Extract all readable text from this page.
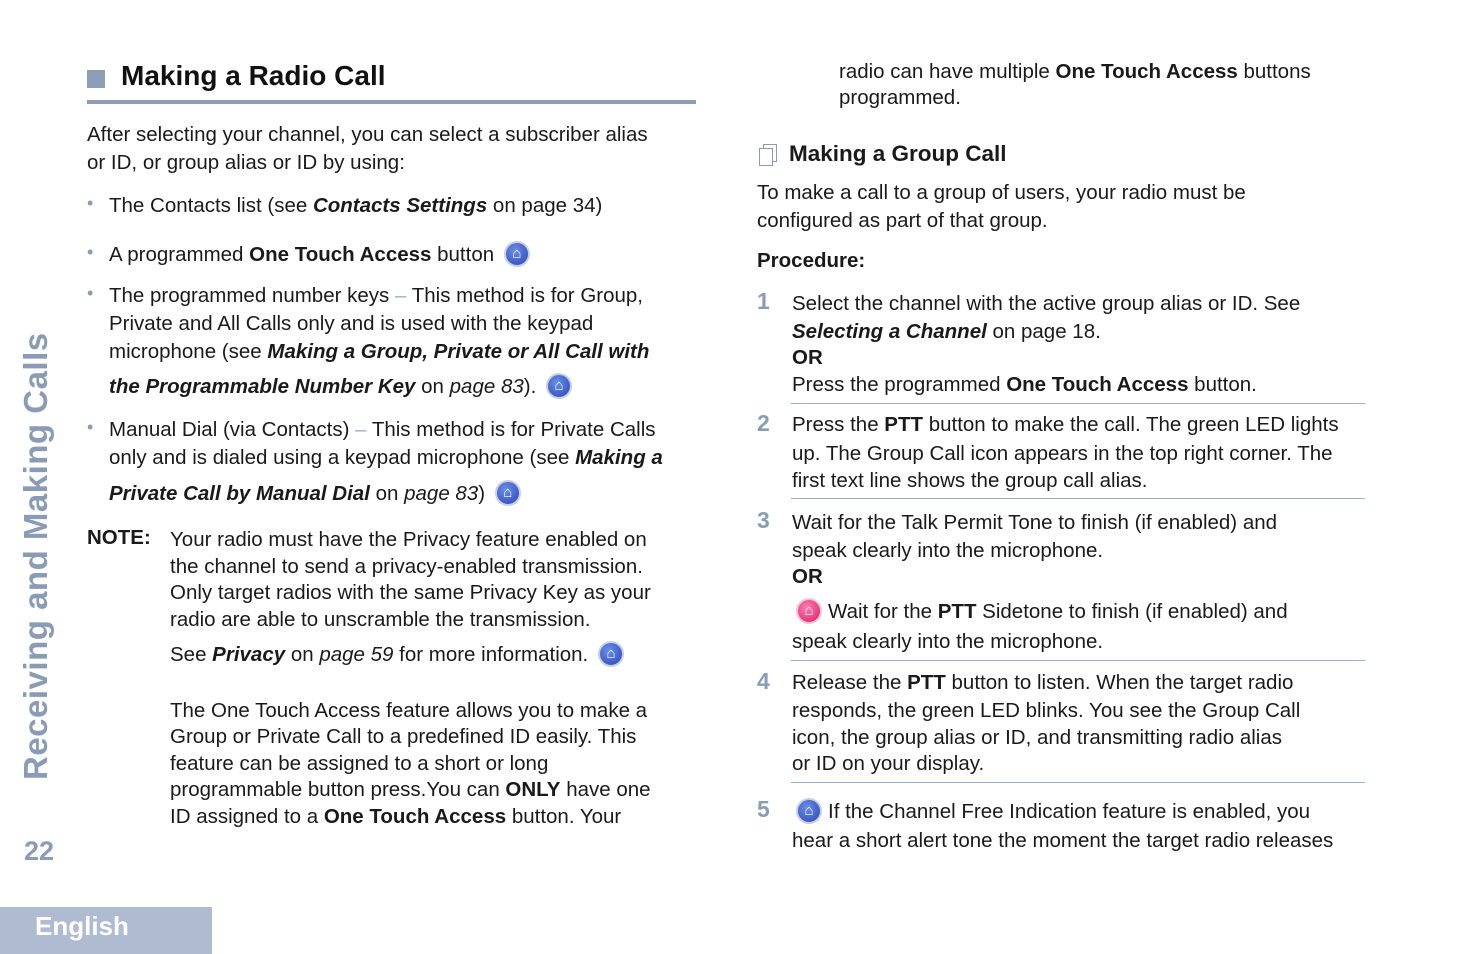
Receiving and Making Calls
22
English
Making a Radio Call
After selecting your channel, you can select a subscriber alias
or ID, or group alias or ID by using:
• The Contacts list (see Contacts Settings on page 34)
• A programmed One Touch Access button ⌂
• The programmed number keys – This method is for Group,
Private and All Calls only and is used with the keypad
microphone (see Making a Group, Private or All Call with
the Programmable Number Key on page 83). ⌂
• Manual Dial (via Contacts) – This method is for Private Calls
only and is dialed using a keypad microphone (see Making a
Private Call by Manual Dial on page 83) ⌂
NOTE: Your radio must have the Privacy feature enabled on
the channel to send a privacy-enabled transmission.
Only target radios with the same Privacy Key as your
radio are able to unscramble the transmission.
See Privacy on page 59 for more information. ⌂
The One Touch Access feature allows you to make a
Group or Private Call to a predefined ID easily. This
feature can be assigned to a short or long
programmable button press.You can ONLY have one
ID assigned to a One Touch Access button. Your
radio can have multiple One Touch Access buttons
programmed.
Making a Group Call
To make a call to a group of users, your radio must be
configured as part of that group.
Procedure:
1 Select the channel with the active group alias or ID. See
Selecting a Channel on page 18.
OR
Press the programmed One Touch Access button.
2 Press the PTT button to make the call. The green LED lights
up. The Group Call icon appears in the top right corner. The
first text line shows the group call alias.
3 Wait for the Talk Permit Tone to finish (if enabled) and
speak clearly into the microphone.
OR
⌂ Wait for the PTT Sidetone to finish (if enabled) and
speak clearly into the microphone.
4 Release the PTT button to listen. When the target radio
responds, the green LED blinks. You see the Group Call
icon, the group alias or ID, and transmitting radio alias
or ID on your display.
5	⌂ If the Channel Free Indication feature is enabled, you
hear a short alert tone the moment the target radio releases
